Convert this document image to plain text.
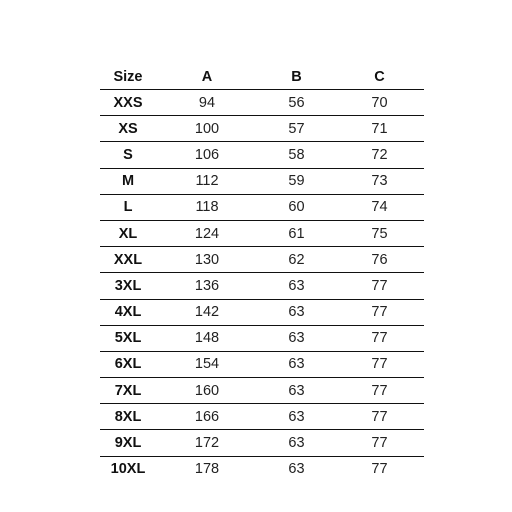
Size	A	B	C
XXS	94	56	70
XS	100	57	71
S	106	58	72
M	112	59	73
L	118	60	74
XL	124	61	75
XXL	130	62	76
3XL	136	63	77
4XL	142	63	77
5XL	148	63	77
6XL	154	63	77
7XL	160	63	77
8XL	166	63	77
9XL	172	63	77
10XL	178	63	77
